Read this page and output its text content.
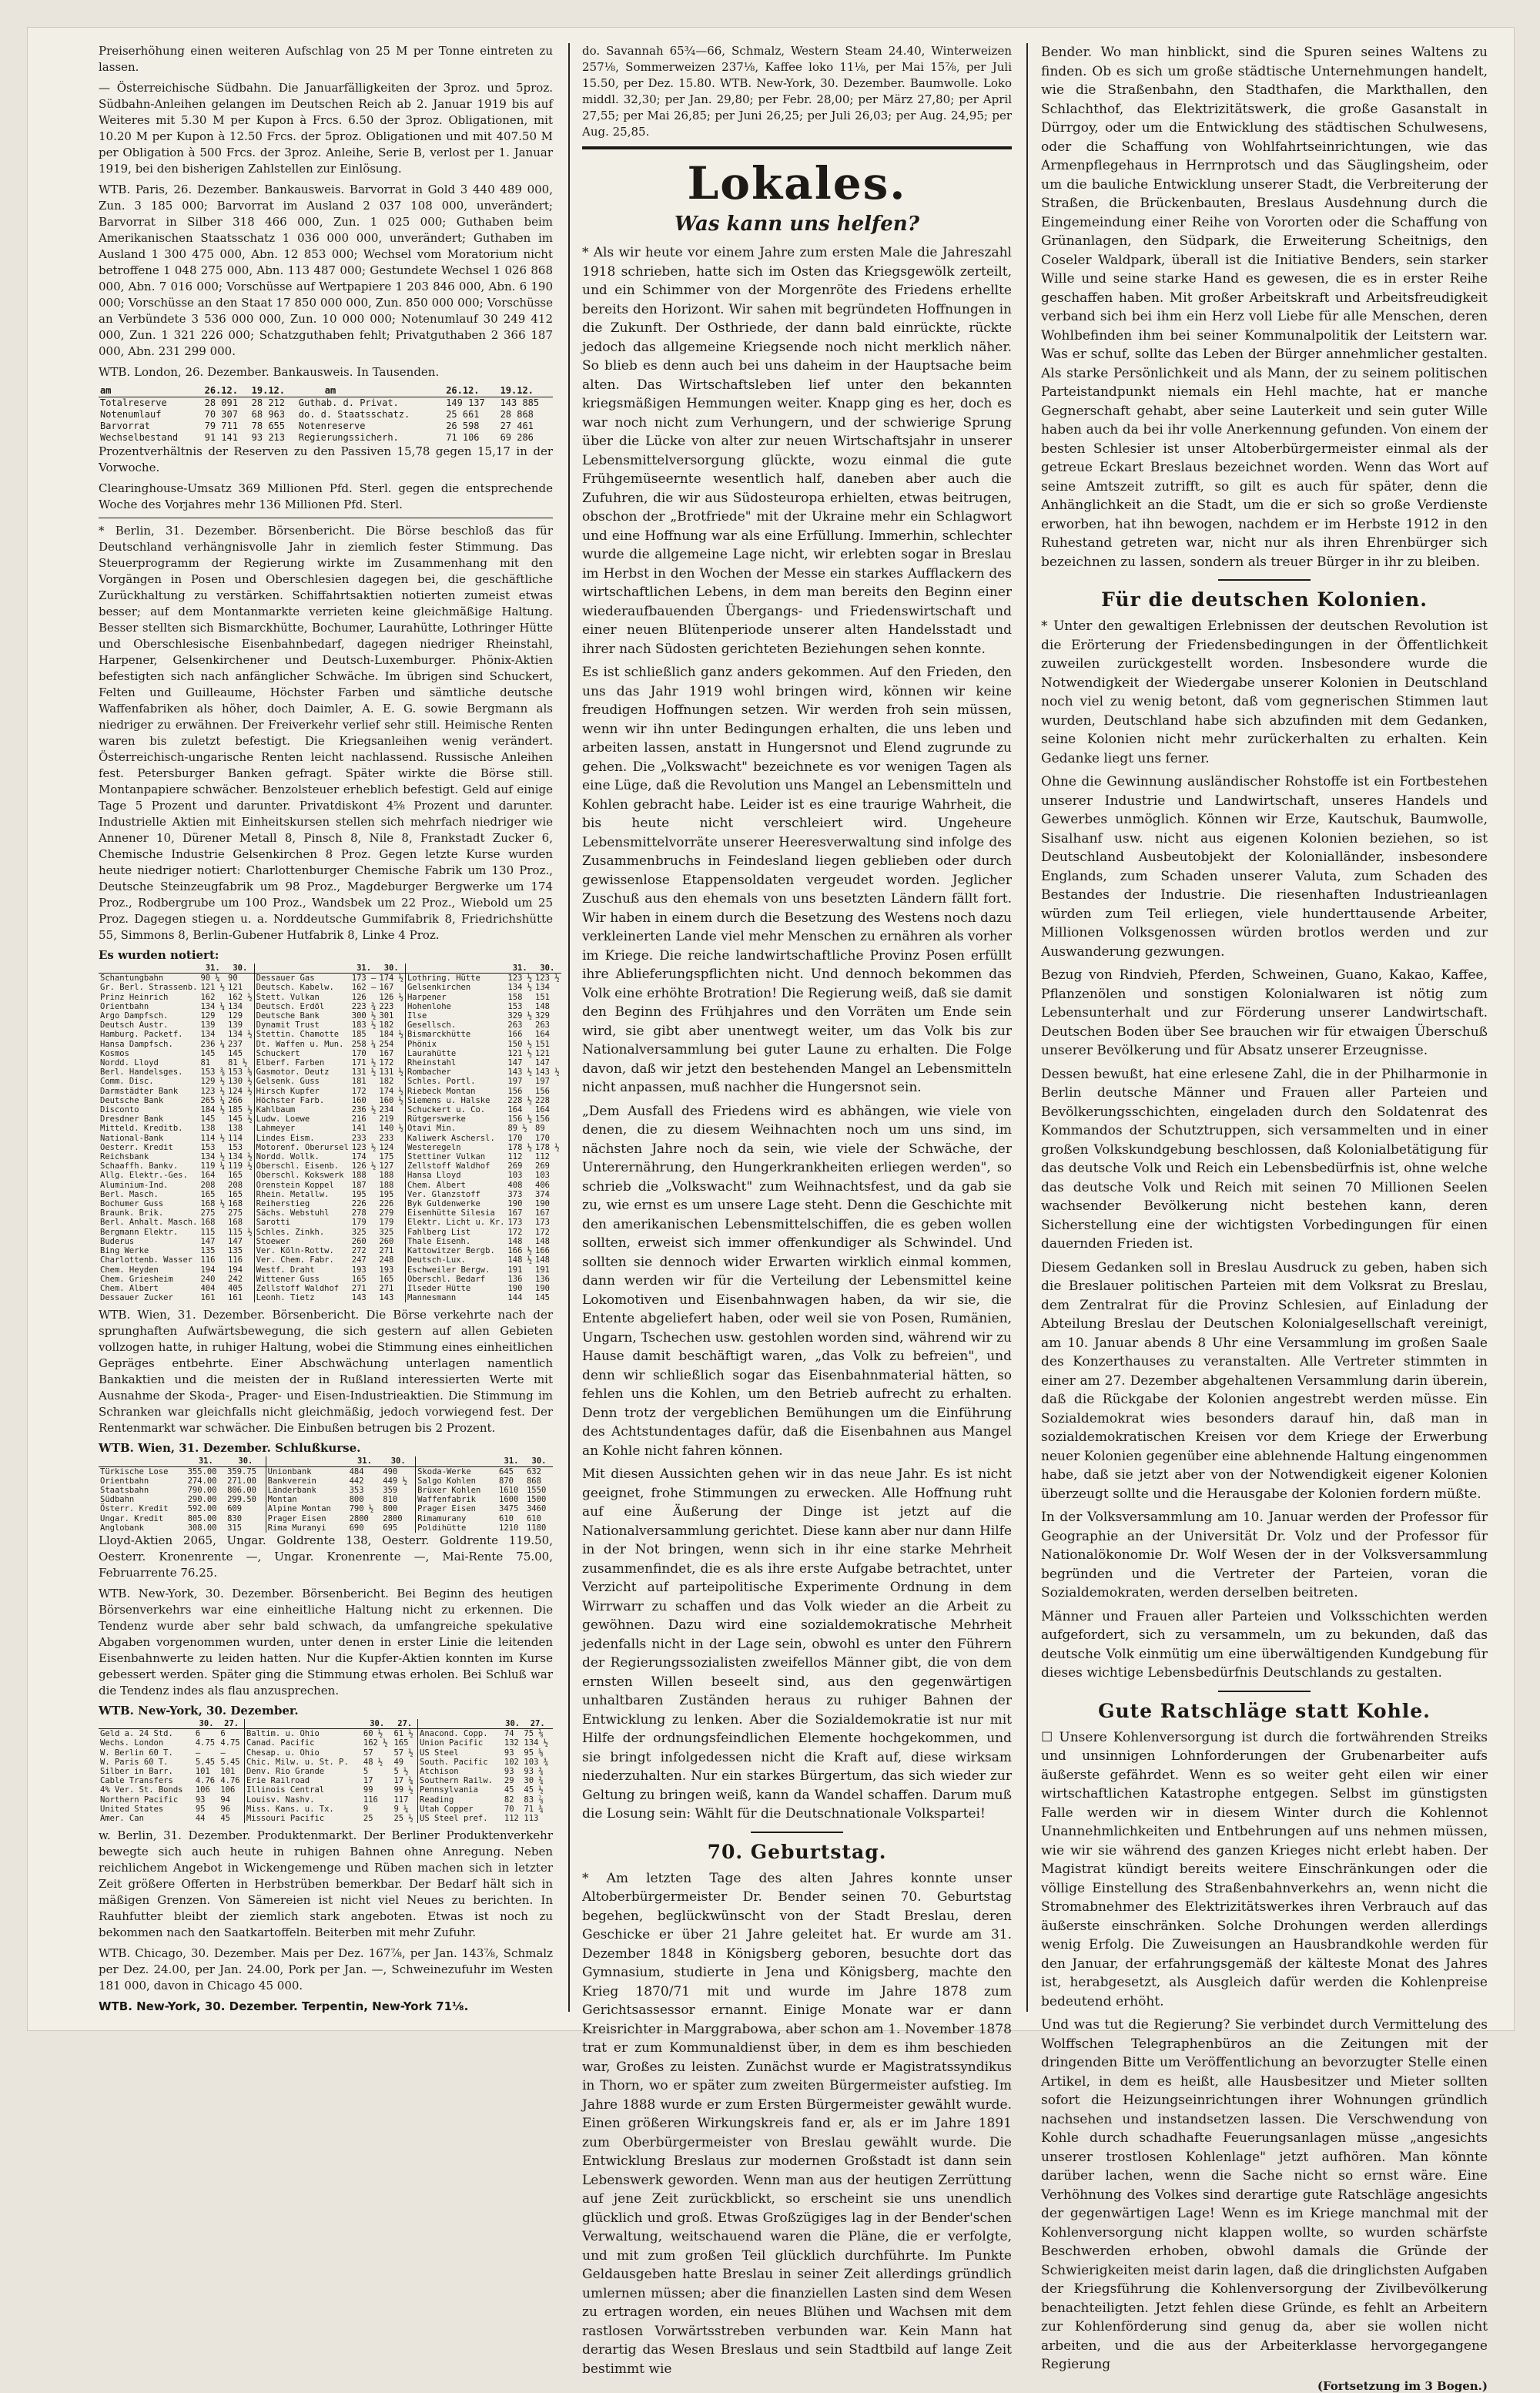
Preiserhöhung einen weiteren Aufschlag von 25 M per Tonne eintreten zu lassen.

— Österreichische Südbahn. Die Januarfälligkeiten der 3proz. und 5proz. Südbahn-Anleihen gelangen im Deutschen Reich ab 2. Januar 1919 bis auf Weiteres mit 5.30 M per Kupon à Frcs. 6.50 der 3proz. Obligationen, mit 10.20 M per Kupon à 12.50 Frcs. der 5proz. Obligationen und mit 407.50 M per Obligation à 500 Frcs. der 3proz. Anleihe, Serie B, verlost per 1. Januar 1919, bei den bisherigen Zahlstellen zur Einlösung.

WTB. Paris, 26. Dezember. Bankausweis. Barvorrat in Gold 3 440 489 000, Zun. 3 185 000; Barvorrat im Ausland 2 037 108 000, unverändert; Barvorrat in Silber 318 466 000, Zun. 1 025 000; Guthaben beim Amerikanischen Staatsschatz 1 036 000 000, unverändert; Guthaben im Ausland 1 300 475 000, Abn. 12 853 000; Wechsel vom Moratorium nicht betroffene 1 048 275 000, Abn. 113 487 000; Gestundete Wechsel 1 026 868 000, Abn. 7 016 000; Vorschüsse auf Wertpapiere 1 203 846 000, Abn. 6 190 000; Vorschüsse an den Staat 17 850 000 000, Zun. 850 000 000; Vorschüsse an Verbündete 3 536 000 000, Zun. 10 000 000; Notenumlauf 30 249 412 000, Zun. 1 321 226 000; Schatzguthaben fehlt; Privatguthaben 2 366 187 000, Abn. 231 299 000.

WTB. London, 26. Dezember. Bankausweis. In Tausenden.

am	26.12.	19.12.		am	26.12.	19.12.
Totalreserve	28 091	28 212	Guthab. d. Privat.		149 137	143 885
Notenumlauf	70 307	68 963	do. d. Staatsschatz.		25 661	28 868
Barvorrat	79 711	78 655	Notenreserve		26 598	27 461
Wechselbestand	91 141	93 213	Regierungssicherh.		71 106	69 286

Prozentverhältnis der Reserven zu den Passiven 15,78 gegen 15,17 in der Vorwoche.

Clearinghouse-Umsatz 369 Millionen Pfd. Sterl. gegen die entsprechende Woche des Vorjahres mehr 136 Millionen Pfd. Sterl.

* Berlin, 31. Dezember. Börsenbericht. Die Börse beschloß das für Deutschland verhängnisvolle Jahr in ziemlich fester Stimmung. Das Steuerprogramm der Regierung wirkte im Zusammenhang mit den Vorgängen in Posen und Oberschlesien dagegen bei, die geschäftliche Zurückhaltung zu verstärken. Schiffahrtsaktien notierten zumeist etwas besser; auf dem Montanmarkte verrieten keine gleichmäßige Haltung. Besser stellten sich Bismarckhütte, Bochumer, Laurahütte, Lothringer Hütte und Oberschlesische Eisenbahnbedarf, dagegen niedriger Rheinstahl, Harpener, Gelsenkirchener und Deutsch-Luxemburger. Phönix-Aktien befestigten sich nach anfänglicher Schwäche. Im übrigen sind Schuckert, Felten und Guilleaume, Höchster Farben und sämtliche deutsche Waffenfabriken als höher, doch Daimler, A. E. G. sowie Bergmann als niedriger zu erwähnen. Der Freiverkehr verlief sehr still. Heimische Renten waren bis zuletzt befestigt. Die Kriegsanleihen wenig verändert. Österreichisch-ungarische Renten leicht nachlassend. Russische Anleihen fest. Petersburger Banken gefragt. Später wirkte die Börse still. Montanpapiere schwächer. Benzolsteuer erheblich befestigt. Geld auf einige Tage 5 Prozent und darunter. Privatdiskont 4⅝ Prozent und darunter. Industrielle Aktien mit Einheitskursen stellen sich mehrfach niedriger wie Annener 10, Dürener Metall 8, Pinsch 8, Nile 8, Frankstadt Zucker 6, Chemische Industrie Gelsenkirchen 8 Proz. Gegen letzte Kurse wurden heute niedriger notiert: Charlottenburger Chemische Fabrik um 130 Proz., Deutsche Steinzeugfabrik um 98 Proz., Magdeburger Bergwerke um 174 Proz., Rodbergrube um 100 Proz., Wandsbek um 22 Proz., Wiebold um 25 Proz. Dagegen stiegen u. a. Norddeutsche Gummifabrik 8, Friedrichshütte 55, Simmons 8, Berlin-Gubener Hutfabrik 8, Linke 4 Proz.

Es wurden notiert:
	31.	30.		31.	30.		31.	30.
Schantungbahn	90 ¼	90	Dessauer Gas	173 —	174 ½	Lothring. Hütte	123 ½	123 ½
Gr. Berl. Strassenb.	121 ½	121	Deutsch. Kabelw.	162 —	167	Gelsenkirchen	134 ½	134
Prinz Heinrich	162	162 ½	Stett. Vulkan	126	126 ½	Harpener	158	151
Orientbahn	134 ¼	134	Deutsch. Erdöl	223 ¾	223	Hohenlohe	153	148
Argo Dampfsch.	129	129	Deutsche Bank	300 ½	301	Ilse	329 ½	329
Deutsch Austr.	139	139	Dynamit Trust	183 ½	182	Gesellsch.	263	263
Hamburg. Packetf.	134	134 ½	Stettin. Chamotte	185	184 ½	Bismarckhütte	166	164
Hansa Dampfsch.	236 ¼	237	Dt. Waffen u. Mun.	258 ¼	254	Phönix	150 ½	151
Kosmos	145	145	Schuckert	170	167	Laurahütte	121 ½	121
Nordd. Lloyd	81	81 ½	Elberf. Farben	171 ½	172	Rheinstahl	147	147
Berl. Handelsges.	153 ⅜	153 ⅝	Gasmotor. Deutz	131 ½	131 ½	Rombacher	143 ½	143 ½
Comm. Disc.	129 ½	130 ½	Gelsenk. Guss	181	182	Schles. Portl.	197	197
Darmstädter Bank	123 ½	124 ½	Hirsch Kupfer	172	174 ½	Riebeck Montan	156	156
Deutsche Bank	265 ¼	266	Höchster Farb.	160	160 ½	Siemens u. Halske	228 ½	228
Disconto	184 ½	185 ½	Kahlbaum	236 ½	234	Schuckert u. Co.	164	164
Dresdner Bank	145	145 ½	Ludw. Loewe	216	219	Rütgerswerke	156 ½	156
Mitteld. Kreditb.	138	138	Lahmeyer	141	140 ½	Otavi Min.	89 ½	89
National-Bank	114 ½	114	Lindes Eism.	233	233	Kaliwerk Aschersl.	170	170
Oesterr. Kredit	153	153	Motorenf. Oberursel	123 ½	124	Westeregeln	178 ½	178 ½
Reichsbank	134 ½	134 ½	Nordd. Wollk.	174	175	Stettiner Vulkan	112	112
Schaaffh. Bankv.	119 ¼	119 ½	Oberschl. Eisenb.	126 ½	127	Zellstoff Waldhof	269	269
Allg. Elektr.-Ges.	164	165	Oberschl. Kokswerk	188	188	Hansa Lloyd	103	103
Aluminium-Ind.	208	208	Orenstein Koppel	187	188	Chem. Albert	408	406
Berl. Masch.	165	165	Rhein. Metallw.	195	195	Ver. Glanzstoff	373	374
Bochumer Guss	168 ½	168	Reiherstieg	226	226	Byk Guldenwerke	190	190
Braunk. Brik.	275	275	Sächs. Webstuhl	278	279	Eisenhütte Silesia	167	167
Berl. Anhalt. Masch.	168	168	Sarotti	179	179	Elektr. Licht u. Kr.	173	173
Bergmann Elektr.	115	115 ½	Schles. Zinkh.	325	325	Fahlberg List	172	172
Buderus	147	147	Stoewer	260	260	Thale Eisenh.	148	148
Bing Werke	135	135	Ver. Köln-Rottw.	272	271	Kattowitzer Bergb.	166 ½	166
Charlottenb. Wasser	116	116	Ver. Chem. Fabr.	247	248	Deutsch-Lux.	148 ½	148
Chem. Heyden	194	194	Westf. Draht	193	193	Eschweiler Bergw.	191	191
Chem. Griesheim	240	242	Wittener Guss	165	165	Oberschl. Bedarf	136	136
Chem. Albert	404	405	Zellstoff Waldhof	271	271	Ilseder Hütte	190	190
Dessauer Zucker	161	161	Leonh. Tietz	143	143	Mannesmann	144	145

WTB. Wien, 31. Dezember. Börsenbericht. Die Börse verkehrte nach der sprunghaften Aufwärtsbewegung, die sich gestern auf allen Gebieten vollzogen hatte, in ruhiger Haltung, wobei die Stimmung eines einheitlichen Gepräges entbehrte. Einer Abschwächung unterlagen namentlich Bankaktien und die meisten der in Rußland interessierten Werte mit Ausnahme der Skoda-, Prager- und Eisen-Industrieaktien. Die Stimmung im Schranken war gleichfalls nicht gleichmäßig, jedoch vorwiegend fest. Der Rentenmarkt war schwächer. Die Einbußen betrugen bis 2 Prozent.

WTB. Wien, 31. Dezember. Schlußkurse.
	31.	30.		31.	30.		31.	30.
Türkische Lose	355.00	359.75	Unionbank	484	490	Skoda-Werke	645	632
Orientbahn	274.00	271.00	Bankverein	442	449 ½	Salgo Kohlen	870	868
Staatsbahn	790.00	806.00	Länderbank	353	359	Brüxer Kohlen	1610	1550
Südbahn	290.00	299.50	Montan	800	810	Waffenfabrik	1600	1500
Österr. Kredit	592.00	609	Alpine Montan	790 ½	800	Prager Eisen	3475	3460
Ungar. Kredit	805.00	830	Prager Eisen	2800	2800	Rimamurany	610	610
Anglobank	308.00	315	Rima Muranyi	690	695	Poldihütte	1210	1180

Lloyd-Aktien 2065, Ungar. Goldrente 138, Oesterr. Goldrente 119.50, Oesterr. Kronenrente —, Ungar. Kronenrente —, Mai-Rente 75.00, Februarrente 76.25.

WTB. New-York, 30. Dezember. Börsenbericht. Bei Beginn des heutigen Börsenverkehrs war eine einheitliche Haltung nicht zu erkennen. Die Tendenz wurde aber sehr bald schwach, da umfangreiche spekulative Abgaben vorgenommen wurden, unter denen in erster Linie die leitenden Eisenbahnwerte zu leiden hatten. Nur die Kupfer-Aktien konnten im Kurse gebessert werden. Später ging die Stimmung etwas erholen. Bei Schluß war die Tendenz indes als flau anzusprechen.

WTB. New-York, 30. Dezember.
	30.	27.		30.	27.		30.	27.
Geld a. 24 Std.	6	6	Baltim. u. Ohio	60 ½	61 ½	Anacond. Copp.	74	75 ⅛
Wechs. London	4.75	4.75	Canad. Pacific	162 ½	165	Union Pacific	132	134 ½
W. Berlin 60 T.	—	—	Chesap. u. Ohio	57	57 ½	US Steel	93	95 ⅝
W. Paris 60 T.	5.45	5.45	Chic. Milw. u. St. P.	48 ½	49	South. Pacific	102	103 ¾
Silber in Barr.	101	101	Denv. Rio Grande	5	5 ½	Atchison	93	93 ¾
Cable Transfers	4.76	4.76	Erie Railroad	17	17 ¼	Southern Railw.	29	30 ¾
4% Ver. St. Bonds	106	106	Illinois Central	99	99 ½	Pennsylvania	45	45 ½
Northern Pacific	93	94	Louisv. Nashv.	116	117	Reading	82	83 ⅞
United States	95	96	Miss. Kans. u. Tx.	9	9 ¼	Utah Copper	70	71 ¾
Amer. Can	44	45	Missouri Pacific	25	25 ½	US Steel pref.	112	113

w. Berlin, 31. Dezember. Produktenmarkt. Der Berliner Produktenverkehr bewegte sich auch heute in ruhigen Bahnen ohne Anregung. Neben reichlichem Angebot in Wickengemenge und Rüben machen sich in letzter Zeit größere Offerten in Herbstrüben bemerkbar. Der Bedarf hält sich in mäßigen Grenzen. Von Sämereien ist nicht viel Neues zu berichten. In Rauhfutter bleibt der ziemlich stark angeboten. Etwas ist noch zu bekommen nach den Saatkartoffeln. Beiterben mit mehr Zufuhr.

WTB. Chicago, 30. Dezember. Mais per Dez. 167⅞, per Jan. 143⅞, Schmalz per Dez. 24.00, per Jan. 24.00, Pork per Jan. —, Schweinezufuhr im Westen 181 000, davon in Chicago 45 000.

WTB. New-York, 30. Dezember. Terpentin, New-York 71⅛.

do. Savannah 65¾—66, Schmalz, Western Steam 24.40, Winterweizen 257⅛, Sommerweizen 237⅛, Kaffee loko 11⅛, per Mai 15⅞, per Juli 15.50, per Dez. 15.80. WTB. New-York, 30. Dezember. Baumwolle. Loko middl. 32,30; per Jan. 29,80; per Febr. 28,00; per März 27,80; per April 27,55; per Mai 26,85; per Juni 26,25; per Juli 26,03; per Aug. 24,95; per Aug. 25,85.

Lokales.
Was kann uns helfen?

* Als wir heute vor einem Jahre zum ersten Male die Jahreszahl 1918 schrieben, hatte sich im Osten das Kriegsgewölk zerteilt, und ein Schimmer von der Morgenröte des Friedens erhellte bereits den Horizont. Wir sahen mit begründeten Hoffnungen in die Zukunft. Der Osthriede, der dann bald einrückte, rückte jedoch das allgemeine Kriegsende noch nicht merklich näher. So blieb es denn auch bei uns daheim in der Hauptsache beim alten. Das Wirtschaftsleben lief unter den bekannten kriegsmäßigen Hemmungen weiter. Knapp ging es her, doch es war noch nicht zum Verhungern, und der schwierige Sprung über die Lücke von alter zur neuen Wirtschaftsjahr in unserer Lebensmittelversorgung glückte, wozu einmal die gute Frühgemüseernte wesentlich half, daneben aber auch die Zufuhren, die wir aus Südosteuropa erhielten, etwas beitrugen, obschon der „Brotfriede" mit der Ukraine mehr ein Schlagwort und eine Hoffnung war als eine Erfüllung. Immerhin, schlechter wurde die allgemeine Lage nicht, wir erlebten sogar in Breslau im Herbst in den Wochen der Messe ein starkes Aufflackern des wirtschaftlichen Lebens, in dem man bereits den Beginn einer wiederaufbauenden Übergangs- und Friedenswirtschaft und einer neuen Blütenperiode unserer alten Handelsstadt und ihrer nach Südosten gerichteten Beziehungen sehen konnte.

Es ist schließlich ganz anders gekommen. Auf den Frieden, den uns das Jahr 1919 wohl bringen wird, können wir keine freudigen Hoffnungen setzen. Wir werden froh sein müssen, wenn wir ihn unter Bedingungen erhalten, die uns leben und arbeiten lassen, anstatt in Hungersnot und Elend zugrunde zu gehen. Die „Volkswacht" bezeichnete es vor wenigen Tagen als eine Lüge, daß die Revolution uns Mangel an Lebensmitteln und Kohlen gebracht habe. Leider ist es eine traurige Wahrheit, die bis heute nicht verschleiert wird. Ungeheure Lebensmittelvorräte unserer Heeresverwaltung sind infolge des Zusammenbruchs in Feindesland liegen geblieben oder durch gewissenlose Etappensoldaten vergeudet worden. Jeglicher Zuschuß aus den ehemals von uns besetzten Ländern fällt fort. Wir haben in einem durch die Besetzung des Westens noch dazu verkleinerten Lande viel mehr Menschen zu ernähren als vorher im Kriege. Die reiche landwirtschaftliche Provinz Posen erfüllt ihre Ablieferungspflichten nicht. Und dennoch bekommen das Volk eine erhöhte Brotration! Die Regierung weiß, daß sie damit den Beginn des Frühjahres und den Vorräten um Ende sein wird, sie gibt aber unentwegt weiter, um das Volk bis zur Nationalversammlung bei guter Laune zu erhalten. Die Folge davon, daß wir jetzt den bestehenden Mangel an Lebensmitteln nicht anpassen, muß nachher die Hungersnot sein.

„Dem Ausfall des Friedens wird es abhängen, wie viele von denen, die zu diesem Weihnachten noch um uns sind, im nächsten Jahre noch da sein, wie viele der Schwäche, der Unterernährung, den Hungerkrankheiten erliegen werden", so schrieb die „Volkswacht" zum Weihnachtsfest, und da gab sie zu, wie ernst es um unsere Lage steht. Denn die Geschichte mit den amerikanischen Lebensmittelschiffen, die es geben wollen sollten, erweist sich immer offenkundiger als Schwindel. Und sollten sie dennoch wider Erwarten wirklich einmal kommen, dann werden wir für die Verteilung der Lebensmittel keine Lokomotiven und Eisenbahnwagen haben, da wir sie, die Entente abgeliefert haben, oder weil sie von Posen, Rumänien, Ungarn, Tschechen usw. gestohlen worden sind, während wir zu Hause damit beschäftigt waren, „das Volk zu befreien", und denn wir schließlich sogar das Eisenbahnmaterial hätten, so fehlen uns die Kohlen, um den Betrieb aufrecht zu erhalten. Denn trotz der vergeblichen Bemühungen um die Einführung des Achtstundentages dafür, daß die Eisenbahnen aus Mangel an Kohle nicht fahren können.

Mit diesen Aussichten gehen wir in das neue Jahr. Es ist nicht geeignet, frohe Stimmungen zu erwecken. Alle Hoffnung ruht auf eine Äußerung der Dinge ist jetzt auf die Nationalversammlung gerichtet. Diese kann aber nur dann Hilfe in der Not bringen, wenn sich in ihr eine starke Mehrheit zusammenfindet, die es als ihre erste Aufgabe betrachtet, unter Verzicht auf parteipolitische Experimente Ordnung in dem Wirrwarr zu schaffen und das Volk wieder an die Arbeit zu gewöhnen. Dazu wird eine sozialdemokratische Mehrheit jedenfalls nicht in der Lage sein, obwohl es unter den Führern der Regierungssozialisten zweifellos Männer gibt, die von dem ernsten Willen beseelt sind, aus den gegenwärtigen unhaltbaren Zuständen heraus zu ruhiger Bahnen der Entwicklung zu lenken. Aber die Sozialdemokratie ist nur mit Hilfe der ordnungsfeindlichen Elemente hochgekommen, und sie bringt infolgedessen nicht die Kraft auf, diese wirksam niederzuhalten. Nur ein starkes Bürgertum, das sich wieder zur Geltung zu bringen weiß, kann da Wandel schaffen. Darum muß die Losung sein: Wählt für die Deutschnationale Volkspartei!

70. Geburtstag.

* Am letzten Tage des alten Jahres konnte unser Altoberbürgermeister Dr. Bender seinen 70. Geburtstag begehen, beglückwünscht von der Stadt Breslau, deren Geschicke er über 21 Jahre geleitet hat. Er wurde am 31. Dezember 1848 in Königsberg geboren, besuchte dort das Gymnasium, studierte in Jena und Königsberg, machte den Krieg 1870/71 mit und wurde im Jahre 1878 zum Gerichtsassessor ernannt. Einige Monate war er dann Kreisrichter in Marggrabowa, aber schon am 1. November 1878 trat er zum Kommunaldienst über, in dem es ihm beschieden war, Großes zu leisten. Zunächst wurde er Magistratssyndikus in Thorn, wo er später zum zweiten Bürgermeister aufstieg. Im Jahre 1888 wurde er zum Ersten Bürgermeister gewählt wurde. Einen größeren Wirkungskreis fand er, als er im Jahre 1891 zum Oberbürgermeister von Breslau gewählt wurde. Die Entwicklung Breslaus zur modernen Großstadt ist dann sein Lebenswerk geworden. Wenn man aus der heutigen Zerrüttung auf jene Zeit zurückblickt, so erscheint sie uns unendlich glücklich und groß. Etwas Großzügiges lag in der Bender'schen Verwaltung, weitschauend waren die Pläne, die er verfolgte, und mit zum großen Teil glücklich durchführte. Im Punkte Geldausgeben hatte Breslau in seiner Zeit allerdings gründlich umlernen müssen; aber die finanziellen Lasten sind dem Wesen zu ertragen worden, ein neues Blühen und Wachsen mit dem rastlosen Vorwärtsstreben verbunden war. Kein Mann hat derartig das Wesen Breslaus und sein Stadtbild auf lange Zeit bestimmt wie

Bender. Wo man hinblickt, sind die Spuren seines Waltens zu finden. Ob es sich um große städtische Unternehmungen handelt, wie die Straßenbahn, den Stadthafen, die Markthallen, den Schlachthof, das Elektrizitätswerk, die große Gasanstalt in Dürrgoy, oder um die Entwicklung des städtischen Schulwesens, oder die Schaffung von Wohlfahrtseinrichtungen, wie das Armenpflegehaus in Herrnprotsch und das Säuglingsheim, oder um die bauliche Entwicklung unserer Stadt, die Verbreiterung der Straßen, die Brückenbauten, Breslaus Ausdehnung durch die Eingemeindung einer Reihe von Vororten oder die Schaffung von Grünanlagen, den Südpark, die Erweiterung Scheitnigs, den Coseler Waldpark, überall ist die Initiative Benders, sein starker Wille und seine starke Hand es gewesen, die es in erster Reihe geschaffen haben. Mit großer Arbeitskraft und Arbeitsfreudigkeit verband sich bei ihm ein Herz voll Liebe für alle Menschen, deren Wohlbefinden ihm bei seiner Kommunalpolitik der Leitstern war. Was er schuf, sollte das Leben der Bürger annehmlicher gestalten. Als starke Persönlichkeit und als Mann, der zu seinem politischen Parteistandpunkt niemals ein Hehl machte, hat er manche Gegnerschaft gehabt, aber seine Lauterkeit und sein guter Wille haben auch da bei ihr volle Anerkennung gefunden. Von einem der besten Schlesier ist unser Altoberbürgermeister einmal als der getreue Eckart Breslaus bezeichnet worden. Wenn das Wort auf seine Amtszeit zutrifft, so gilt es auch für später, denn die Anhänglichkeit an die Stadt, um die er sich so große Verdienste erworben, hat ihn bewogen, nachdem er im Herbste 1912 in den Ruhestand getreten war, nicht nur als ihren Ehrenbürger sich bezeichnen zu lassen, sondern als treuer Bürger in ihr zu bleiben.

Für die deutschen Kolonien.

* Unter den gewaltigen Erlebnissen der deutschen Revolution ist die Erörterung der Friedensbedingungen in der Öffentlichkeit zuweilen zurückgestellt worden. Insbesondere wurde die Notwendigkeit der Wiedergabe unserer Kolonien in Deutschland noch viel zu wenig betont, daß vom gegnerischen Stimmen laut wurden, Deutschland habe sich abzufinden mit dem Gedanken, seine Kolonien nicht mehr zurückerhalten zu erhalten. Kein Gedanke liegt uns ferner.

Ohne die Gewinnung ausländischer Rohstoffe ist ein Fortbestehen unserer Industrie und Landwirtschaft, unseres Handels und Gewerbes unmöglich. Können wir Erze, Kautschuk, Baumwolle, Sisalhanf usw. nicht aus eigenen Kolonien beziehen, so ist Deutschland Ausbeutobjekt der Kolonialländer, insbesondere Englands, zum Schaden unserer Valuta, zum Schaden des Bestandes der Industrie. Die riesenhaften Industrieanlagen würden zum Teil erliegen, viele hunderttausende Arbeiter, Millionen Volksgenossen würden brotlos werden und zur Auswanderung gezwungen.

Bezug von Rindvieh, Pferden, Schweinen, Guano, Kakao, Kaffee, Pflanzenölen und sonstigen Kolonialwaren ist nötig zum Lebensunterhalt und zur Förderung unserer Landwirtschaft. Deutschen Boden über See brauchen wir für etwaigen Überschuß unserer Bevölkerung und für Absatz unserer Erzeugnisse.

Dessen bewußt, hat eine erlesene Zahl, die in der Philharmonie in Berlin deutsche Männer und Frauen aller Parteien und Bevölkerungsschichten, eingeladen durch den Soldatenrat des Kommandos der Schutztruppen, sich versammelten und in einer großen Volkskundgebung beschlossen, daß Kolonialbetätigung für das deutsche Volk und Reich ein Lebensbedürfnis ist, ohne welche das deutsche Volk und Reich mit seinen 70 Millionen Seelen wachsender Bevölkerung nicht bestehen kann, deren Sicherstellung eine der wichtigsten Vorbedingungen für einen dauernden Frieden ist.

Diesem Gedanken soll in Breslau Ausdruck zu geben, haben sich die Breslauer politischen Parteien mit dem Volksrat zu Breslau, dem Zentralrat für die Provinz Schlesien, auf Einladung der Abteilung Breslau der Deutschen Kolonialgesellschaft vereinigt, am 10. Januar abends 8 Uhr eine Versammlung im großen Saale des Konzerthauses zu veranstalten. Alle Vertreter stimmten in einer am 27. Dezember abgehaltenen Versammlung darin überein, daß die Rückgabe der Kolonien angestrebt werden müsse. Ein Sozialdemokrat wies besonders darauf hin, daß man in sozialdemokratischen Kreisen vor dem Kriege der Erwerbung neuer Kolonien gegenüber eine ablehnende Haltung eingenommen habe, daß sie jetzt aber von der Notwendigkeit eigener Kolonien überzeugt sollte und die Herausgabe der Kolonien fordern müßte.

In der Volksversammlung am 10. Januar werden der Professor für Geographie an der Universität Dr. Volz und der Professor für Nationalökonomie Dr. Wolf Wesen der in der Volksversammlung begründen und die Vertreter der Parteien, voran die Sozialdemokraten, werden derselben beitreten.

Männer und Frauen aller Parteien und Volksschichten werden aufgefordert, sich zu versammeln, um zu bekunden, daß das deutsche Volk einmütig um eine überwältigenden Kundgebung für dieses wichtige Lebensbedürfnis Deutschlands zu gestalten.

Gute Ratschläge statt Kohle.

☐ Unsere Kohlenversorgung ist durch die fortwährenden Streiks und unsinnigen Lohnforderungen der Grubenarbeiter aufs äußerste gefährdet. Wenn es so weiter geht eilen wir einer wirtschaftlichen Katastrophe entgegen. Selbst im günstigsten Falle werden wir in diesem Winter durch die Kohlennot Unannehmlichkeiten und Entbehrungen auf uns nehmen müssen, wie wir sie während des ganzen Krieges nicht erlebt haben. Der Magistrat kündigt bereits weitere Einschränkungen oder die völlige Einstellung des Straßenbahnverkehrs an, wenn nicht die Stromabnehmer des Elektrizitätswerkes ihren Verbrauch auf das äußerste einschränken. Solche Drohungen werden allerdings wenig Erfolg. Die Zuweisungen an Hausbrandkohle werden für den Januar, der erfahrungsgemäß der kälteste Monat des Jahres ist, herabgesetzt, als Ausgleich dafür werden die Kohlenpreise bedeutend erhöht.

Und was tut die Regierung? Sie verbindet durch Vermittelung des Wolffschen Telegraphenbüros an die Zeitungen mit der dringenden Bitte um Veröffentlichung an bevorzugter Stelle einen Artikel, in dem es heißt, alle Hausbesitzer und Mieter sollten sofort die Heizungseinrichtungen ihrer Wohnungen gründlich nachsehen und instandsetzen lassen. Die Verschwendung von Kohle durch schadhafte Feuerungsanlagen müsse „angesichts unserer trostlosen Kohlenlage" jetzt aufhören. Man könnte darüber lachen, wenn die Sache nicht so ernst wäre. Eine Verhöhnung des Volkes sind derartige gute Ratschläge angesichts der gegenwärtigen Lage! Wenn es im Kriege manchmal mit der Kohlenversorgung nicht klappen wollte, so wurden schärfste Beschwerden erhoben, obwohl damals die Gründe der Schwierigkeiten meist darin lagen, daß die dringlichsten Aufgaben der Kriegsführung die Kohlenversorgung der Zivilbevölkerung benachteiligten. Jetzt fehlen diese Gründe, es fehlt an Arbeitern zur Kohlenförderung sind genug da, aber sie wollen nicht arbeiten, und die aus der Arbeiterklasse hervorgegangene Regierung

(Fortsetzung im 3 Bogen.)
